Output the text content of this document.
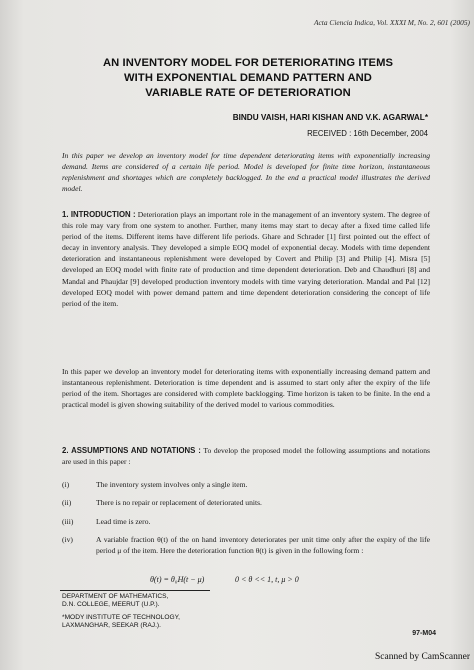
Acta Ciencia Indica, Vol. XXXI M, No. 2, 601 (2005)
AN INVENTORY MODEL FOR DETERIORATING ITEMS
WITH EXPONENTIAL DEMAND PATTERN AND
VARIABLE RATE OF DETERIORATION
BINDU VAISH, HARI KISHAN AND V.K. AGARWAL*
RECEIVED : 16th December, 2004
In this paper we develop an inventory model for time dependent deteriorating items with exponentially increasing demand. Items are considered of a certain life period. Model is developed for finite time horizon, instantaneous replenishment and shortages which are completely backlogged. In the end a practical model illustrates the derived model.
1. INTRODUCTION : Deterioration plays an important role in the management of an inventory system. The degree of this role may vary from one system to another. Further, many items may start to decay after a fixed time called life period of the items. Different items have different life periods. Ghare and Schrader [1] first pointed out the effect of decay in inventory analysis. They developed a simple EOQ model of exponential decay. Models with time dependent deterioration and instantaneous replenishment were developed by Covert and Philip [3] and Philip [4]. Misra [5] developed an EOQ model with finite rate of production and time dependent deterioration. Deb and Chaudhuri [8] and Mandal and Phaujdar [9] developed production inventory models with time varying deterioration. Mandal and Pal [12] developed EOQ model with power demand pattern and time dependent deterioration considering the concept of life period of the item.
In this paper we develop an inventory model for deteriorating items with exponentially increasing demand pattern and instantaneous replenishment. Deterioration is time dependent and is assumed to start only after the expiry of the life period of the item. Shortages are considered with complete backlogging. Time horizon is taken to be finite. In the end a practical model is given showing suitability of the derived model to various commodities.
2. ASSUMPTIONS AND NOTATIONS : To develop the proposed model the following assumptions and notations are used in this paper :
(i)	The inventory system involves only a single item.
(ii)	There is no repair or replacement of deteriorated units.
(iii)	Lead time is zero.
(iv)	A variable fraction θ(t) of the on hand inventory deteriorates per unit time only after the expiry of the life period μ of the item. Here the deterioration function θ(t) is given in the following form :
θ(t) = θ₀H(t − μ)	0 < θ << 1, t, μ > 0
DEPARTMENT OF MATHEMATICS,
D.N. COLLEGE, MEERUT (U.P.).
*MODY INSTITUTE OF TECHNOLOGY,
LAXMANGHAR, SEEKAR (RAJ.).
97-M04
Scanned by CamScanner
